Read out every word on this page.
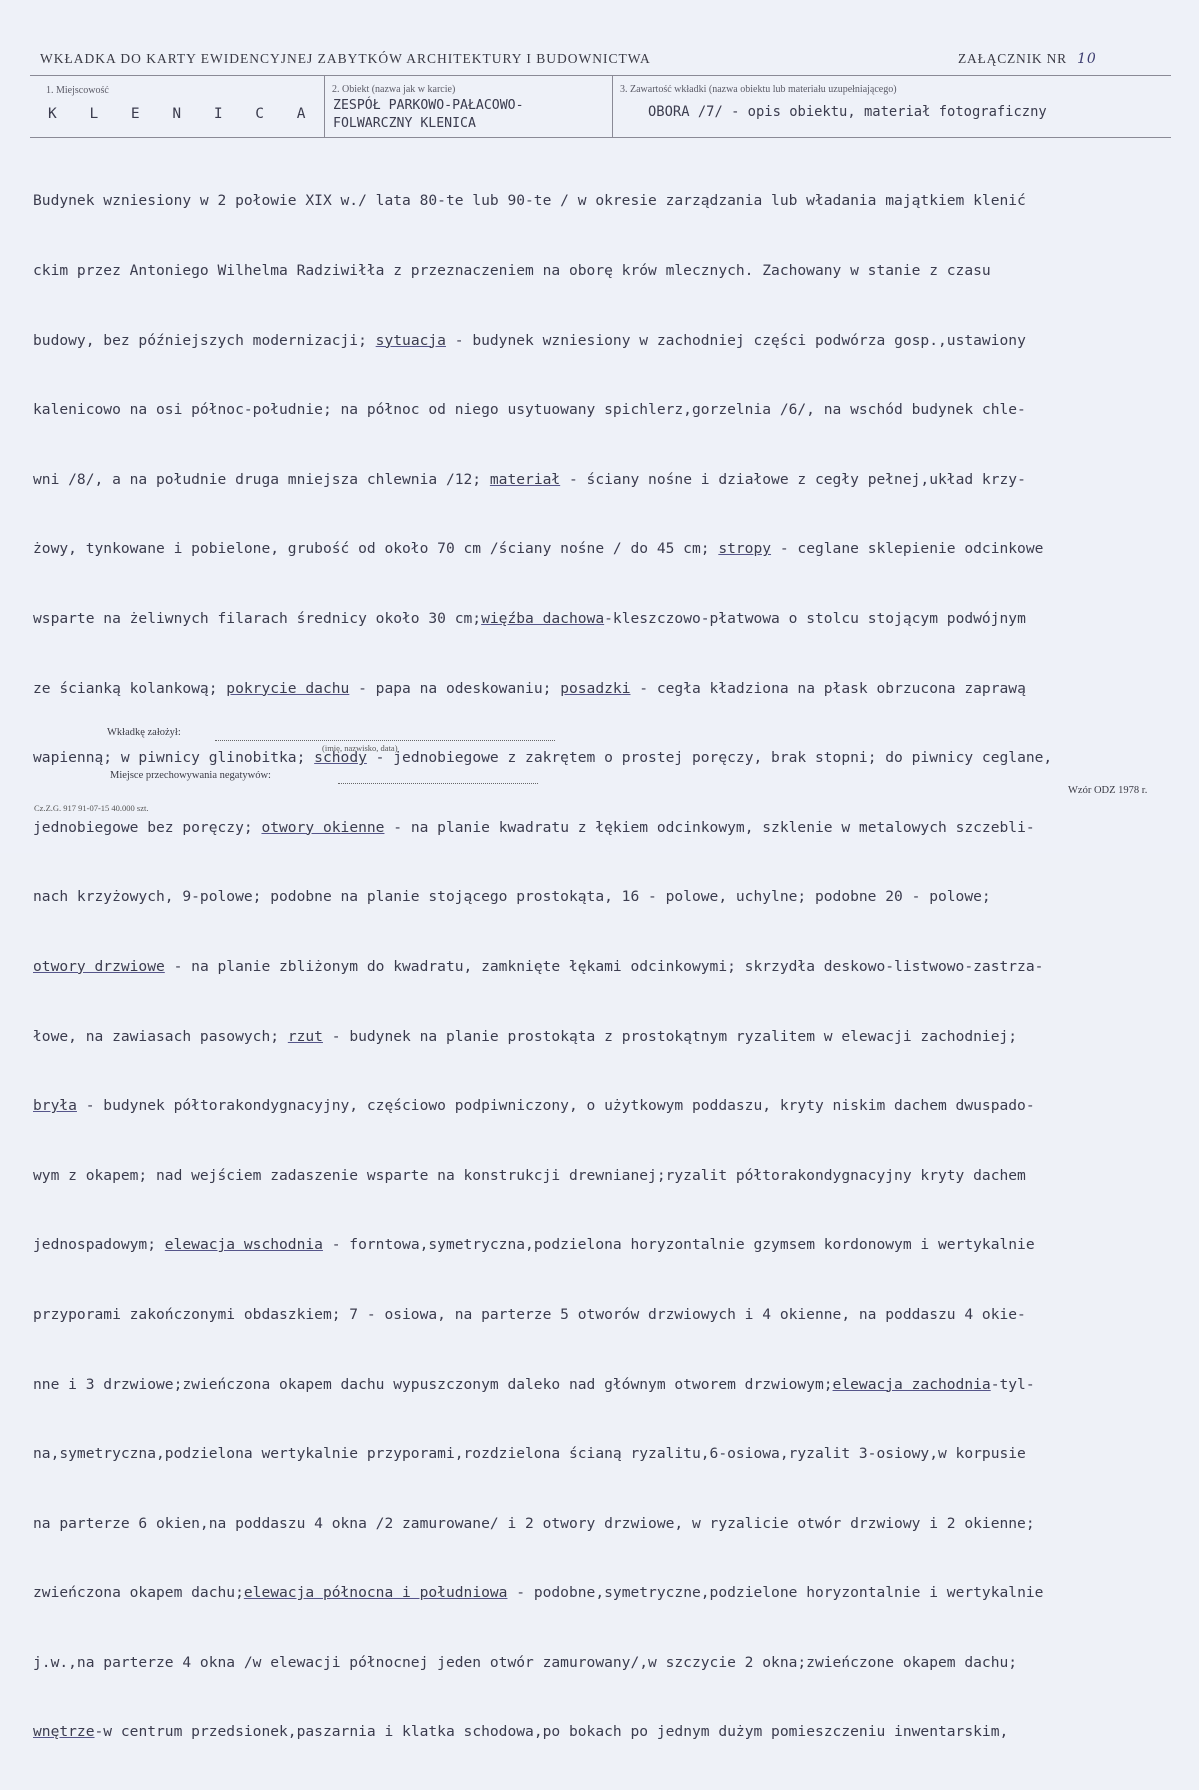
WKŁADKA DO KARTY EWIDENCYJNEJ ZABYTKÓW ARCHITEKTURY I BUDOWNICTWA	ZAŁĄCZNIK NR 10
1. Miejscowość
K L E N I C A
2. Obiekt (nazwa jak w karcie)
ZESPÓŁ PARKOWO-PAŁACOWO-
FOLWARCZNY KLENICA
3. Zawartość wkładki (nazwa obiektu lub materiału uzupełniającego)
OBORA /7/ - opis obiektu, materiał fotograficzny

Budynek wzniesiony w 2 połowie XIX w./ lata 80-te lub 90-te / w okresie zarządzania lub władania majątkiem klenić

ckim przez Antoniego Wilhelma Radziwiłła z przeznaczeniem na oborę krów mlecznych. Zachowany w stanie z czasu

budowy, bez późniejszych modernizacji; sytuacja - budynek wzniesiony w zachodniej części podwórza gosp.,ustawiony

kalenicowo na osi północ-południe; na północ od niego usytuowany spichlerz,gorzelnia /6/, na wschód budynek chle-

wni /8/, a na południe druga mniejsza chlewnia /12; materiał - ściany nośne i działowe z cegły pełnej,układ krzy-

żowy, tynkowane i pobielone, grubość od około 70 cm /ściany nośne / do 45 cm; stropy - ceglane sklepienie odcinkowe

wsparte na żeliwnych filarach średnicy około 30 cm;więźba dachowa-kleszczowo-płatwowa o stolcu stojącym podwójnym

ze ścianką kolankową; pokrycie dachu - papa na odeskowaniu; posadzki - cegła kładziona na płask obrzucona zaprawą

wapienną; w piwnicy glinobitka; schody - jednobiegowe z zakrętem o prostej poręczy, brak stopni; do piwnicy ceglane,

jednobiegowe bez poręczy; otwory okienne - na planie kwadratu z łękiem odcinkowym, szklenie w metalowych szczebli-

nach krzyżowych, 9-polowe; podobne na planie stojącego prostokąta, 16 - polowe, uchylne; podobne 20 - polowe;

otwory drzwiowe - na planie zbliżonym do kwadratu, zamknięte łękami odcinkowymi; skrzydła deskowo-listwowo-zastrza-

łowe, na zawiasach pasowych; rzut - budynek na planie prostokąta z prostokątnym ryzalitem w elewacji zachodniej;

bryła - budynek półtorakondygnacyjny, częściowo podpiwniczony, o użytkowym poddaszu, kryty niskim dachem dwuspado-

wym z okapem; nad wejściem zadaszenie wsparte na konstrukcji drewnianej;ryzalit półtorakondygnacyjny kryty dachem

jednospadowym; elewacja wschodnia - forntowa,symetryczna,podzielona horyzontalnie gzymsem kordonowym i wertykalnie

przyporami zakończonymi obdaszkiem; 7 - osiowa, na parterze 5 otworów drzwiowych i 4 okienne, na poddaszu 4 okie-

nne i 3 drzwiowe;zwieńczona okapem dachu wypuszczonym daleko nad głównym otworem drzwiowym;elewacja zachodnia-tyl-

na,symetryczna,podzielona wertykalnie przyporami,rozdzielona ścianą ryzalitu,6-osiowa,ryzalit 3-osiowy,w korpusie

na parterze 6 okien,na poddaszu 4 okna /2 zamurowane/ i 2 otwory drzwiowe, w ryzalicie otwór drzwiowy i 2 okienne;

zwieńczona okapem dachu;elewacja północna i południowa - podobne,symetryczne,podzielone horyzontalnie i wertykalnie

j.w.,na parterze 4 okna /w elewacji północnej jeden otwór zamurowany/,w szczycie 2 okna;zwieńczone okapem dachu;

wnętrze-w centrum przedsionek,paszarnia i klatka schodowa,po bokach po jednym dużym pomieszczeniu inwentarskim,

Wkładkę założył:
(imię, nazwisko, data)
Miejsce przechowywania negatywów:
Wzór ODZ 1978 r.
Cz.Z.G. 917 91-07-15 40.000 szt.
